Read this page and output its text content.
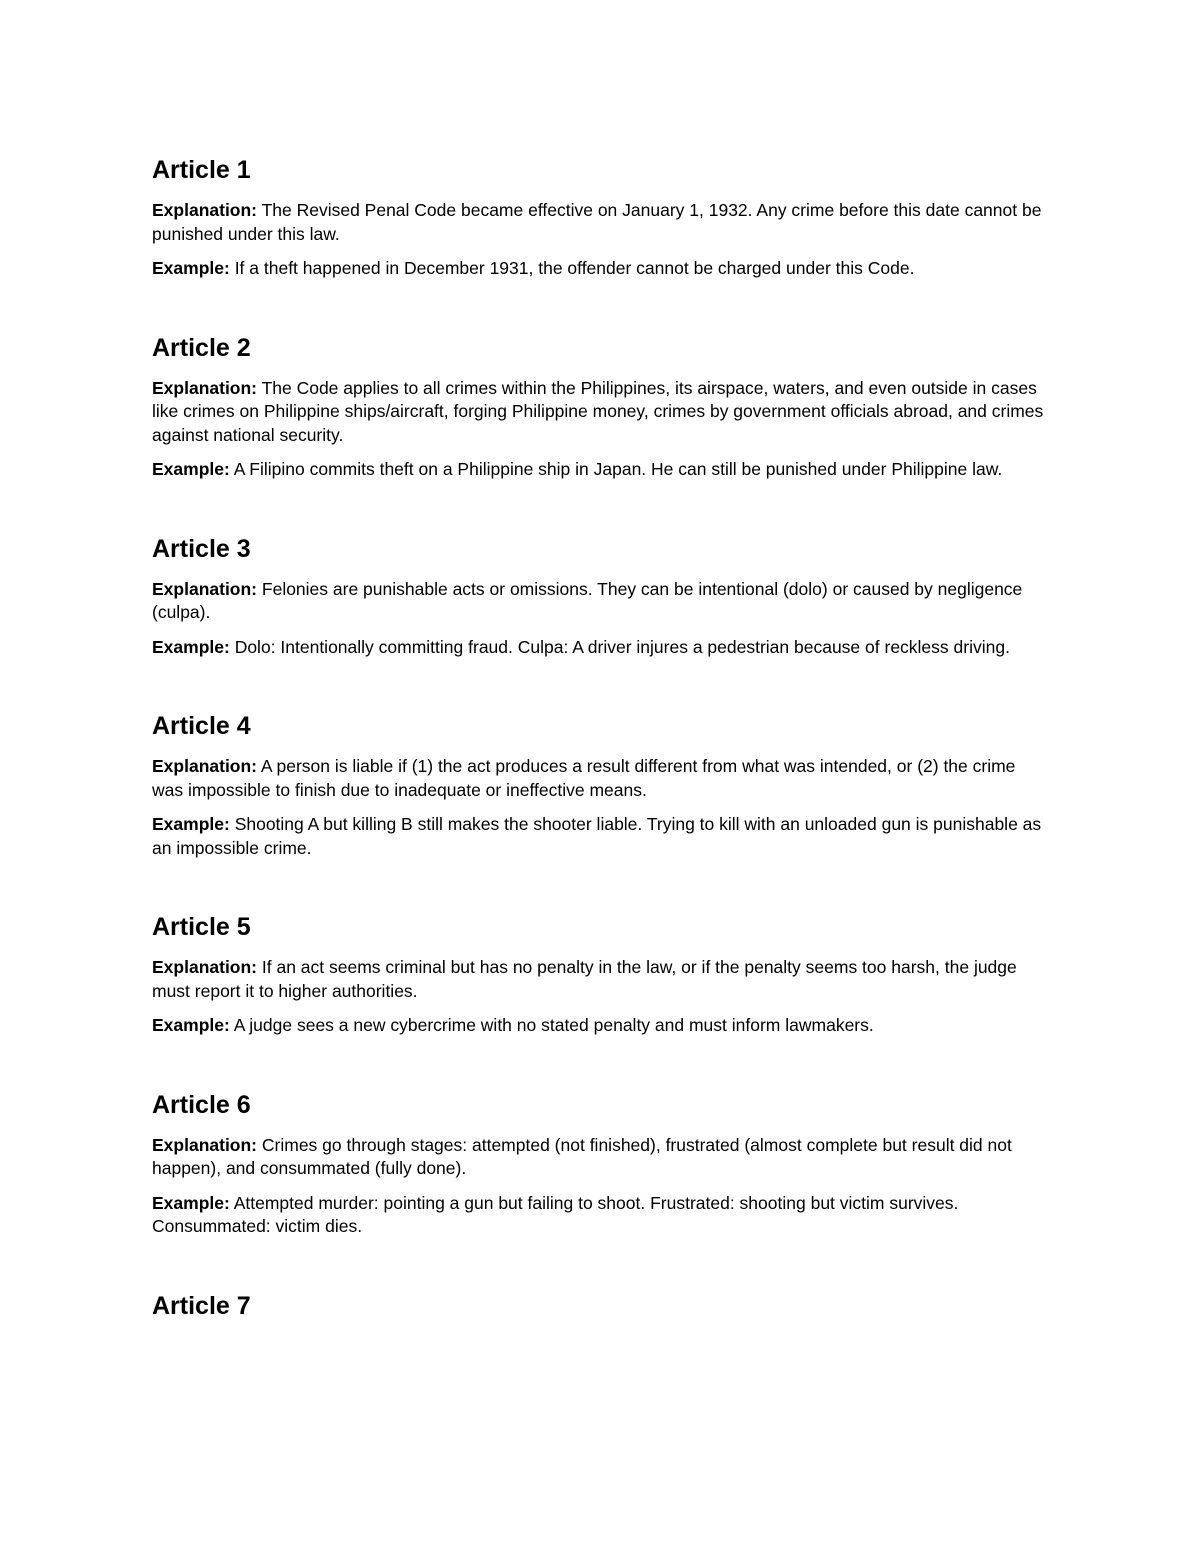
Article 1

Explanation: The Revised Penal Code became effective on January 1, 1932. Any crime before this date cannot be punished under this law.

Example: If a theft happened in December 1931, the offender cannot be charged under this Code.

Article 2

Explanation: The Code applies to all crimes within the Philippines, its airspace, waters, and even outside in cases like crimes on Philippine ships/aircraft, forging Philippine money, crimes by government officials abroad, and crimes against national security.

Example: A Filipino commits theft on a Philippine ship in Japan. He can still be punished under Philippine law.

Article 3

Explanation: Felonies are punishable acts or omissions. They can be intentional (dolo) or caused by negligence (culpa).

Example: Dolo: Intentionally committing fraud. Culpa: A driver injures a pedestrian because of reckless driving.

Article 4

Explanation: A person is liable if (1) the act produces a result different from what was intended, or (2) the crime was impossible to finish due to inadequate or ineffective means.

Example: Shooting A but killing B still makes the shooter liable. Trying to kill with an unloaded gun is punishable as an impossible crime.

Article 5

Explanation: If an act seems criminal but has no penalty in the law, or if the penalty seems too harsh, the judge must report it to higher authorities.

Example: A judge sees a new cybercrime with no stated penalty and must inform lawmakers.

Article 6

Explanation: Crimes go through stages: attempted (not finished), frustrated (almost complete but result did not happen), and consummated (fully done).

Example: Attempted murder: pointing a gun but failing to shoot. Frustrated: shooting but victim survives. Consummated: victim dies.

Article 7
